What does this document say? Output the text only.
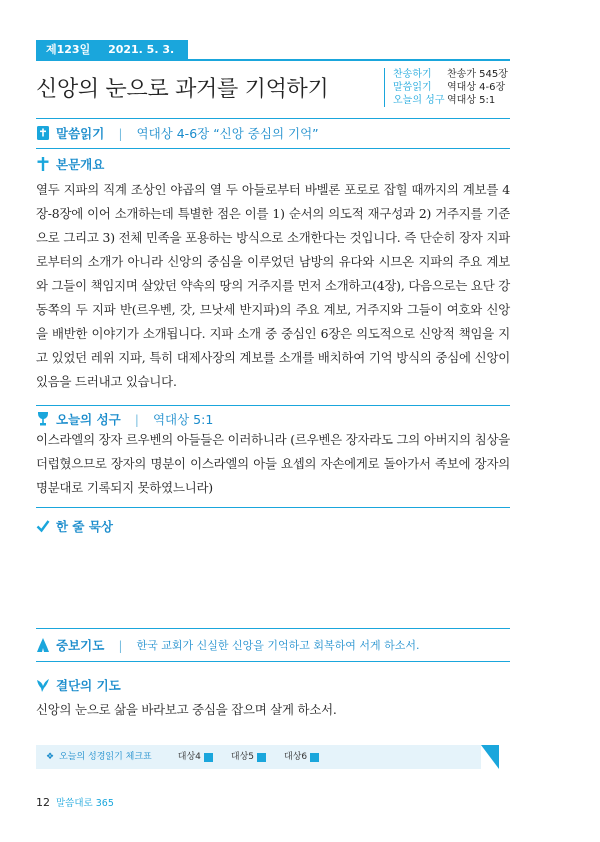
제123일 2021. 5. 3. 월
신앙의 눈으로 과거를 기억하기
찬송하기	찬송가 545장
말씀읽기	역대상 4-6장
오늘의 성구 역대상 5:1
말씀읽기 | 역대상 4-6장 “신앙 중심의 기억”
본문개요
열두 지파의 직계 조상인 야곱의 열 두 아들로부터 바벨론 포로로 잡힐 때까지의 계보를 4장-8장에 이어 소개하는데 특별한 점은 이를 1) 순서의 의도적 재구성과 2) 거주지를 기준으로 그리고 3) 전체 민족을 포용하는 방식으로 소개한다는 것입니다. 즉 단순히 장자 지파로부터의 소개가 아니라 신앙의 중심을 이루었던 남방의 유다와 시므온 지파의 주요 계보와 그들이 책임지며 살았던 약속의 땅의 거주지를 먼저 소개하고(4장), 다음으로는 요단 강 동쪽의 두 지파 반(르우벤, 갓, 므낫세 반지파)의 주요 계보, 거주지와 그들이 여호와 신앙을 배반한 이야기가 소개됩니다. 지파 소개 중 중심인 6장은 의도적으로 신앙적 책임을 지고 있었던 레위 지파, 특히 대제사장의 계보를 소개를 배치하여 기억 방식의 중심에 신앙이 있음을 드러내고 있습니다.
오늘의 성구 | 역대상 5:1
이스라엘의 장자 르우벤의 아들들은 이러하니라 (르우벤은 장자라도 그의 아버지의 침상을 더럽혔으므로 장자의 명분이 이스라엘의 아들 요셉의 자손에게로 돌아가서 족보에 장자의 명분대로 기록되지 못하였느니라)
한 줄 묵상
중보기도 | 한국 교회가 신실한 신앙을 기억하고 회복하여 서게 하소서.
결단의 기도
신앙의 눈으로 삶을 바라보고 중심을 잡으며 살게 하소서.
❖ 오늘의 성경읽기 체크표	대상4	대상5	대상6
12 말씀대로 365
